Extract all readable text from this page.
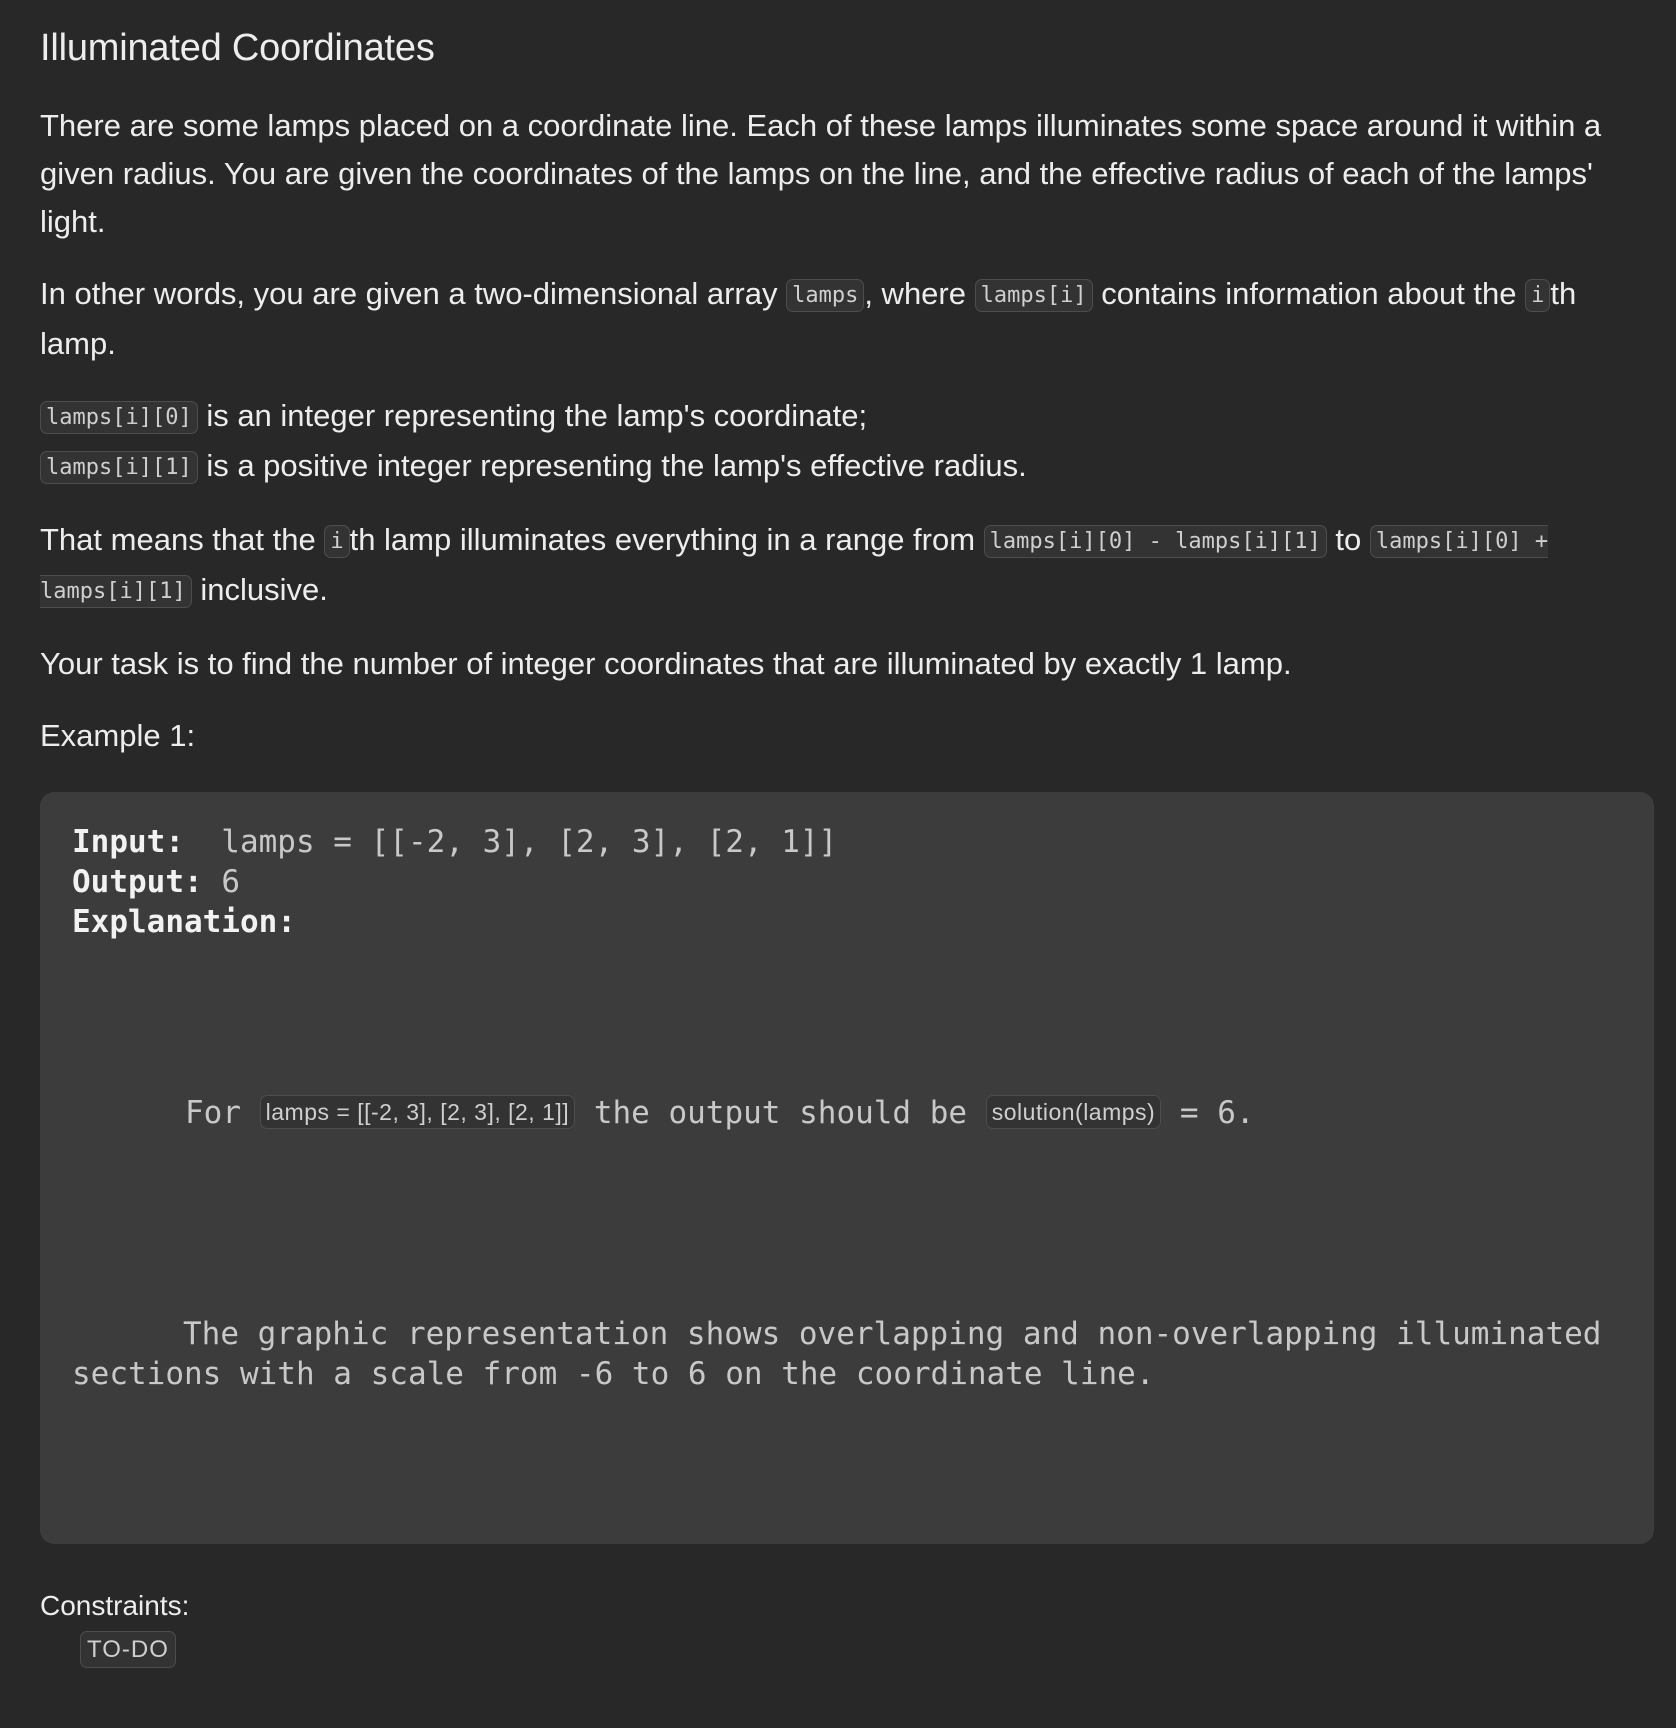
Illuminated Coordinates

There are some lamps placed on a coordinate line. Each of these lamps illuminates some space around it within a given radius. You are given the coordinates of the lamps on the line, and the effective radius of each of the lamps' light.

In other words, you are given a two-dimensional array lamps , where lamps[i] contains information about the i th lamp.

lamps[i][0] is an integer representing the lamp's coordinate;
lamps[i][1] is a positive integer representing the lamp's effective radius.

That means that the i th lamp illuminates everything in a range from lamps[i][0] - lamps[i][1] to lamps[i][0] + lamps[i][1] inclusive.

Your task is to find the number of integer coordinates that are illuminated by exactly 1 lamp.

Example 1:
Input:  lamps = [[-2, 3], [2, 3], [2, 1]]
Output: 6
Explanation:
For lamps = [[-2, 3], [2, 3], [2, 1]] the output should be solution(lamps) = 6.
The graphic representation shows overlapping and non-overlapping illuminated sections with a scale from -6 to 6 on the coordinate line.
Constraints:
TO-DO
